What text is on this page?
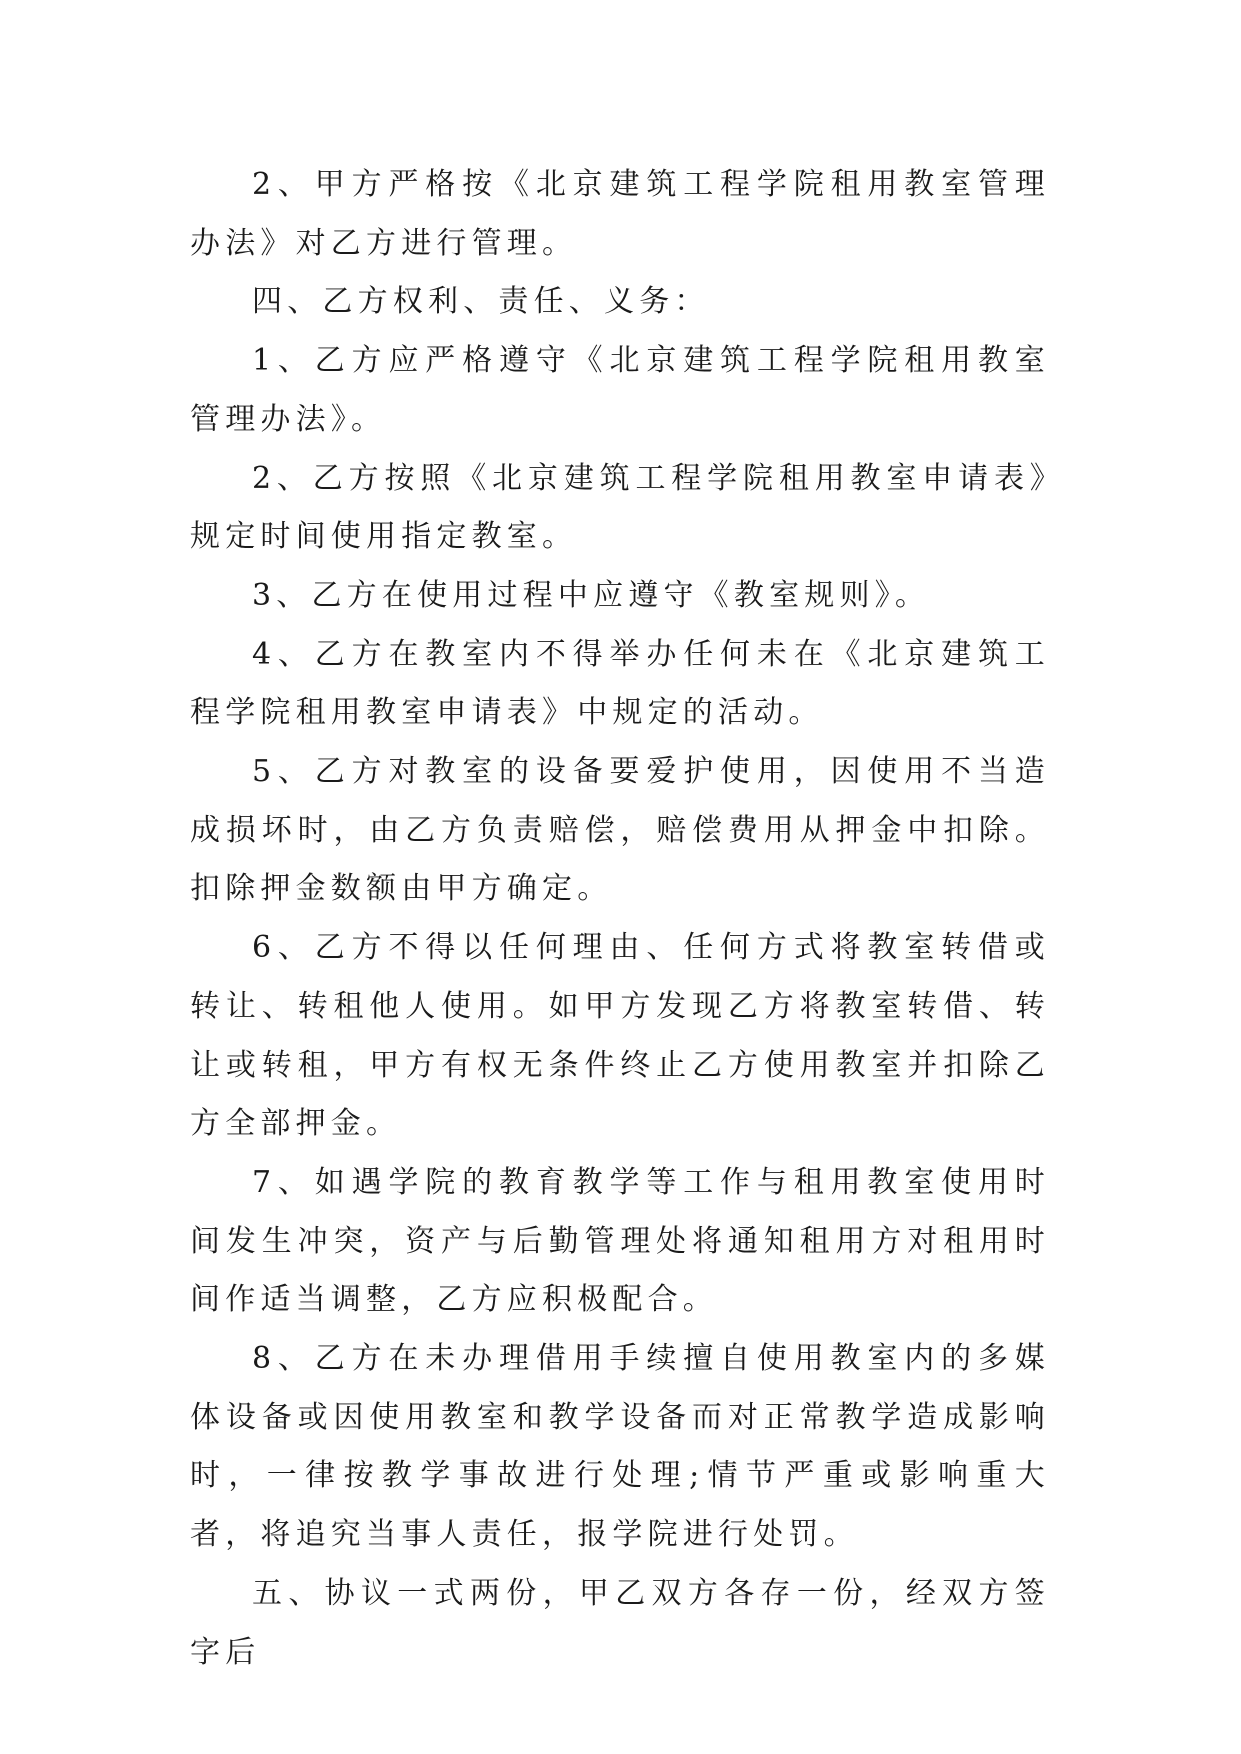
2、甲方严格按《北京建筑工程学院租用教室管理办法》对乙方进行管理。

四、乙方权利、责任、义务：

1、乙方应严格遵守《北京建筑工程学院租用教室管理办法》。

2、乙方按照《北京建筑工程学院租用教室申请表》规定时间使用指定教室。

3、乙方在使用过程中应遵守《教室规则》。

4、乙方在教室内不得举办任何未在《北京建筑工程学院租用教室申请表》中规定的活动。

5、乙方对教室的设备要爱护使用，因使用不当造成损坏时，由乙方负责赔偿，赔偿费用从押金中扣除。扣除押金数额由甲方确定。

6、乙方不得以任何理由、任何方式将教室转借或转让、转租他人使用。如甲方发现乙方将教室转借、转让或转租，甲方有权无条件终止乙方使用教室并扣除乙方全部押金。

7、如遇学院的教育教学等工作与租用教室使用时间发生冲突，资产与后勤管理处将通知租用方对租用时间作适当调整，乙方应积极配合。

8、乙方在未办理借用手续擅自使用教室内的多媒体设备或因使用教室和教学设备而对正常教学造成影响时，一律按教学事故进行处理;情节严重或影响重大者，将追究当事人责任，报学院进行处罚。

五、协议一式两份，甲乙双方各存一份，经双方签字后
